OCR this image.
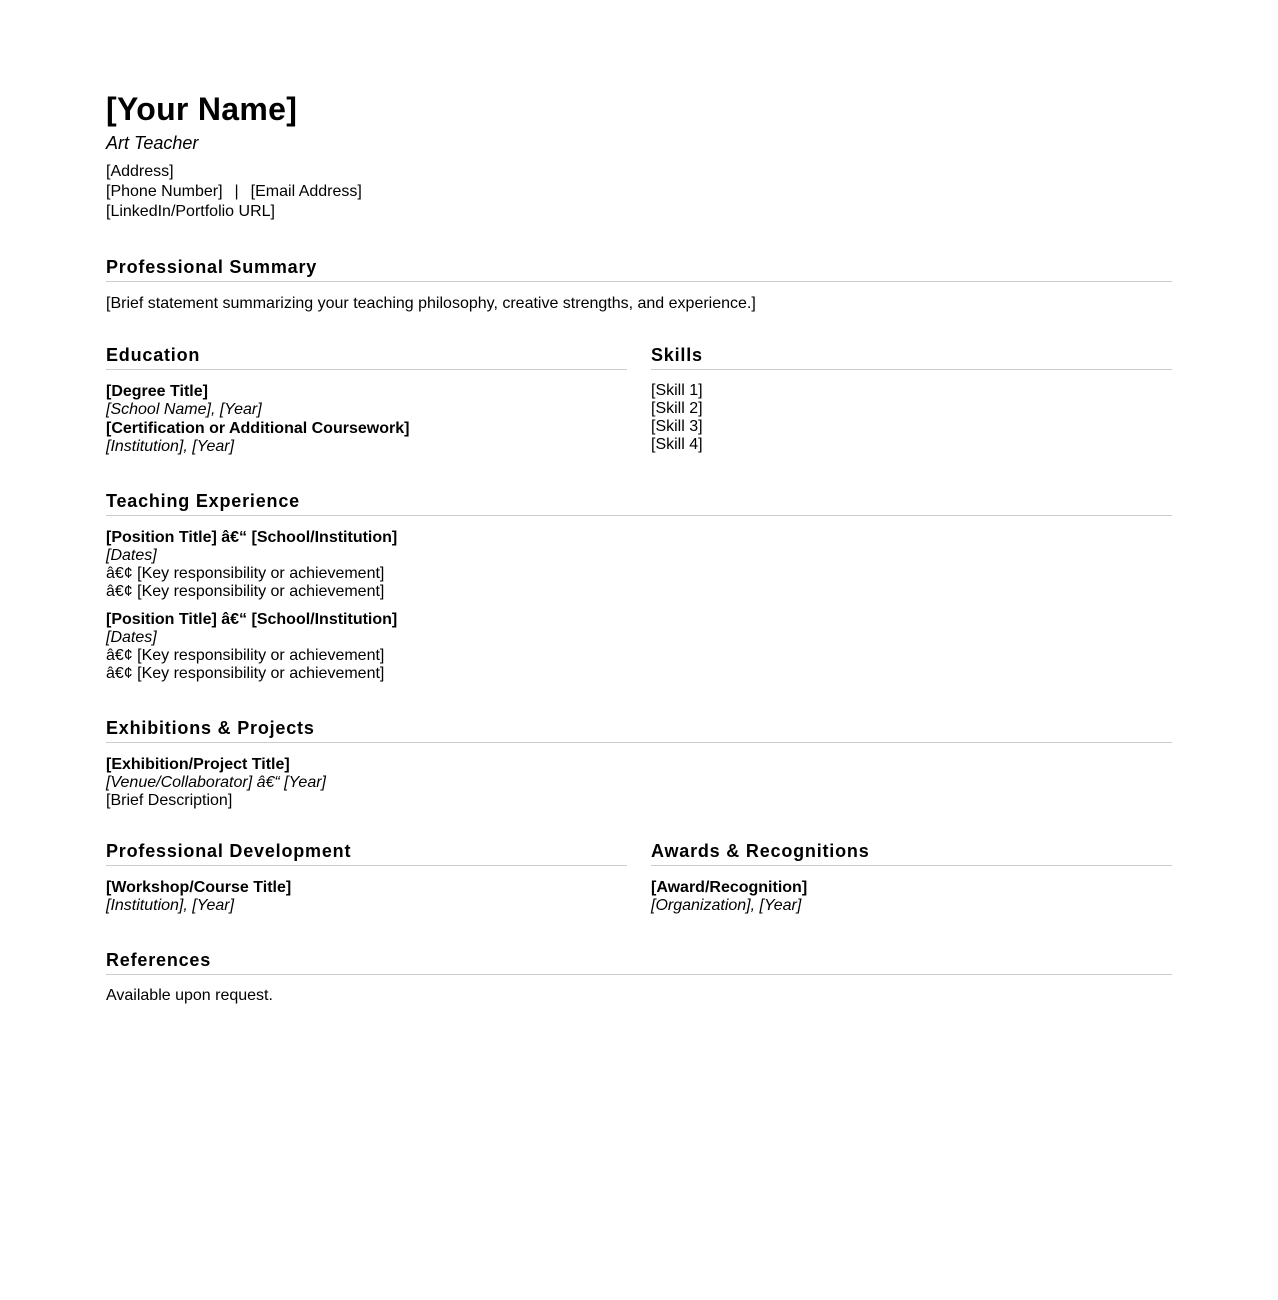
[Your Name]
Art Teacher
[Address]
[Phone Number] | [Email Address]
[LinkedIn/Portfolio URL]
Professional Summary
[Brief statement summarizing your teaching philosophy, creative strengths, and experience.]
Education
[Degree Title]
[School Name], [Year]
[Certification or Additional Coursework]
[Institution], [Year]
Skills
[Skill 1]
[Skill 2]
[Skill 3]
[Skill 4]
Teaching Experience
[Position Title] â€“ [School/Institution]
[Dates]
â€¢ [Key responsibility or achievement]
â€¢ [Key responsibility or achievement]
[Position Title] â€“ [School/Institution]
[Dates]
â€¢ [Key responsibility or achievement]
â€¢ [Key responsibility or achievement]
Exhibitions & Projects
[Exhibition/Project Title]
[Venue/Collaborator] â€“ [Year]
[Brief Description]
Professional Development
[Workshop/Course Title]
[Institution], [Year]
Awards & Recognitions
[Award/Recognition]
[Organization], [Year]
References
Available upon request.
